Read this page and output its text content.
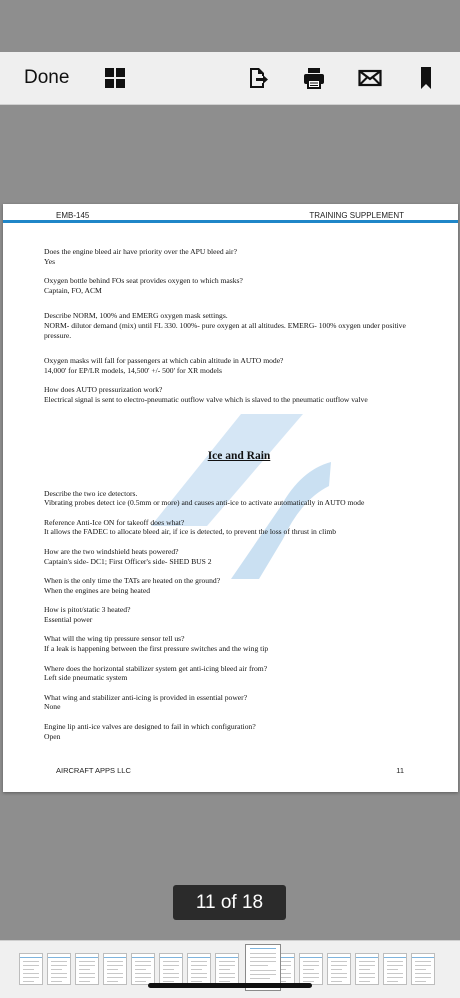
Done
EMB-145	TRAINING SUPPLEMENT

Does the engine bleed air have priority over the APU bleed air?

Yes

Oxygen bottle behind FOs seat provides oxygen to which masks?

Captain, FO, ACM

Describe NORM, 100% and EMERG oxygen mask settings.

NORM- dilutor demand (mix) until FL 330. 100%- pure oxygen at all altitudes. EMERG- 100% oxygen under positive pressure.

Oxygen masks will fall for passengers at which cabin altitude in AUTO mode?

14,000' for EP/LR models, 14,500' +/- 500' for XR models

How does AUTO pressurization work?

Electrical signal is sent to electro-pneumatic outflow valve which is slaved to the pneumatic outflow valve

Ice and Rain

Describe the two ice detectors.

Vibrating probes detect ice (0.5mm or more) and causes anti-ice to activate automatically in AUTO mode

Reference Anti-Ice ON for takeoff does what?

It allows the FADEC to allocate bleed air, if ice is detected, to prevent the loss of thrust in climb

How are the two windshield heats powered?

Captain's side- DC1; First Officer's side- SHED BUS 2

When is the only time the TATs are heated on the ground?

When the engines are being heated

How is pitot/static 3 heated?

Essential power

What will the wing tip pressure sensor tell us?

If a leak is happening between the first pressure switches and the wing tip

Where does the horizontal stabilizer system get anti-icing bleed air from?

Left side pneumatic system

What wing and stabilizer anti-icing is provided in essential power?

None

Engine lip anti-ice valves are designed to fail in which configuration?

Open

AIRCRAFT APPS LLC	11
11 of 18
